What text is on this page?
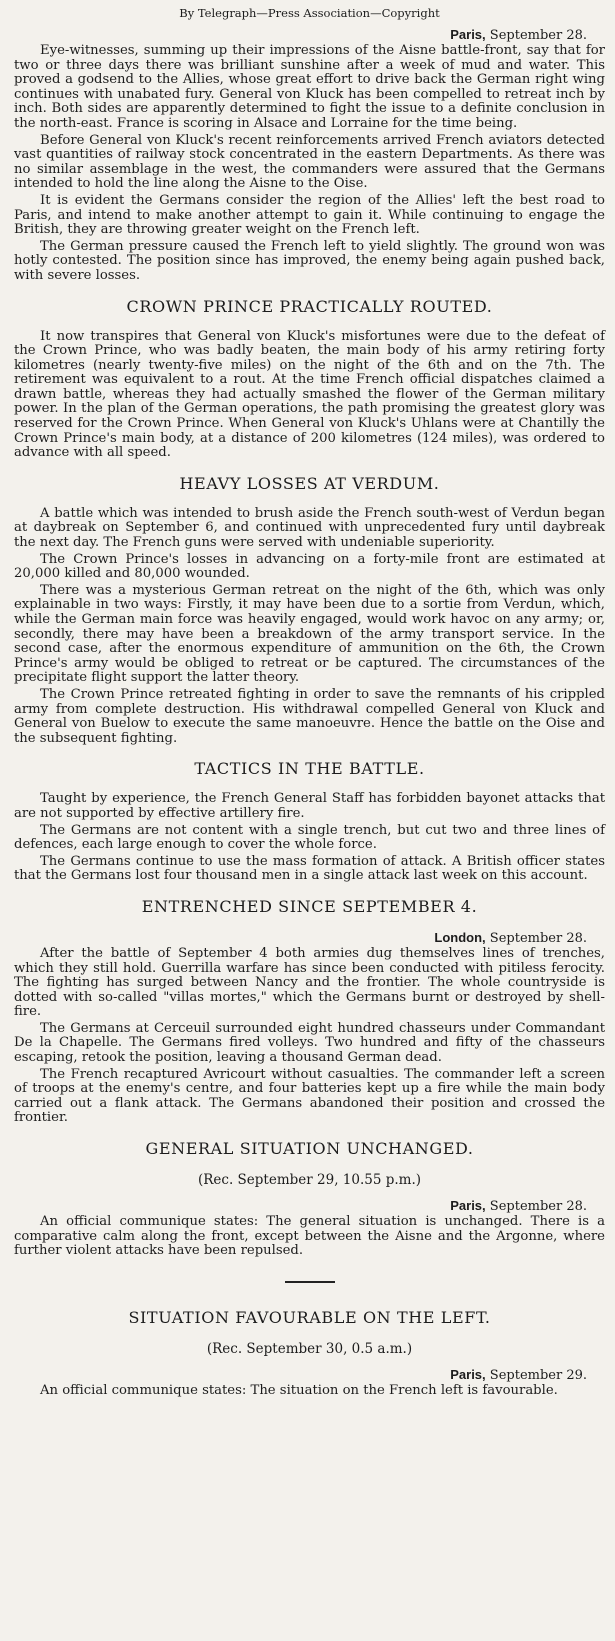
By Telegraph—Press Association—Copyright
Paris, September 28.

Eye-witnesses, summing up their impressions of the Aisne battle-front, say that for two or three days there was brilliant sunshine after a week of mud and water. This proved a godsend to the Allies, whose great effort to drive back the German right wing continues with unabated fury. General von Kluck has been compelled to retreat inch by inch. Both sides are apparently determined to fight the issue to a definite conclusion in the north-east. France is scoring in Alsace and Lorraine for the time being.

Before General von Kluck's recent reinforcements arrived French aviators detected vast quantities of railway stock concentrated in the eastern Departments. As there was no similar assemblage in the west, the commanders were assured that the Germans intended to hold the line along the Aisne to the Oise.

It is evident the Germans consider the region of the Allies' left the best road to Paris, and intend to make another attempt to gain it. While continuing to engage the British, they are throwing greater weight on the French left.

The German pressure caused the French left to yield slightly. The ground won was hotly contested. The position since has improved, the enemy being again pushed back, with severe losses.

CROWN PRINCE PRACTICALLY ROUTED.

It now transpires that General von Kluck's misfortunes were due to the defeat of the Crown Prince, who was badly beaten, the main body of his army retiring forty kilometres (nearly twenty-five miles) on the night of the 6th and on the 7th. The retirement was equivalent to a rout. At the time French official dispatches claimed a drawn battle, whereas they had actually smashed the flower of the German military power. In the plan of the German operations, the path promising the greatest glory was reserved for the Crown Prince. When General von Kluck's Uhlans were at Chantilly the Crown Prince's main body, at a distance of 200 kilometres (124 miles), was ordered to advance with all speed.

HEAVY LOSSES AT VERDUM.

A battle which was intended to brush aside the French south-west of Verdun began at daybreak on September 6, and continued with unprecedented fury until daybreak the next day. The French guns were served with undeniable superiority.

The Crown Prince's losses in advancing on a forty-mile front are estimated at 20,000 killed and 80,000 wounded.

There was a mysterious German retreat on the night of the 6th, which was only explainable in two ways: Firstly, it may have been due to a sortie from Verdun, which, while the German main force was heavily engaged, would work havoc on any army; or, secondly, there may have been a breakdown of the army transport service. In the second case, after the enormous expenditure of ammunition on the 6th, the Crown Prince's army would be obliged to retreat or be captured. The circumstances of the precipitate flight support the latter theory.

The Crown Prince retreated fighting in order to save the remnants of his crippled army from complete destruction. His withdrawal compelled General von Kluck and General von Buelow to execute the same manoeuvre. Hence the battle on the Oise and the subsequent fighting.

TACTICS IN THE BATTLE.

Taught by experience, the French General Staff has forbidden bayonet attacks that are not supported by effective artillery fire.

The Germans are not content with a single trench, but cut two and three lines of defences, each large enough to cover the whole force.

The Germans continue to use the mass formation of attack. A British officer states that the Germans lost four thousand men in a single attack last week on this account.

ENTRENCHED SINCE SEPTEMBER 4.
London, September 28.

After the battle of September 4 both armies dug themselves lines of trenches, which they still hold. Guerrilla warfare has since been conducted with pitiless ferocity. The fighting has surged between Nancy and the frontier. The whole countryside is dotted with so-called "villas mortes," which the Germans burnt or destroyed by shell-fire.

The Germans at Cerceuil surrounded eight hundred chasseurs under Commandant De la Chapelle. The Germans fired volleys. Two hundred and fifty of the chasseurs escaping, retook the position, leaving a thousand German dead.

The French recaptured Avricourt without casualties. The commander left a screen of troops at the enemy's centre, and four batteries kept up a fire while the main body carried out a flank attack. The Germans abandoned their position and crossed the frontier.

GENERAL SITUATION UNCHANGED.
(Rec. September 29, 10.55 p.m.)
Paris, September 28.

An official communique states: The general situation is unchanged. There is a comparative calm along the front, except between the Aisne and the Argonne, where further violent attacks have been repulsed.

SITUATION FAVOURABLE ON THE LEFT.
(Rec. September 30, 0.5 a.m.)
Paris, September 29.

An official communique states: The situation on the French left is favourable.
